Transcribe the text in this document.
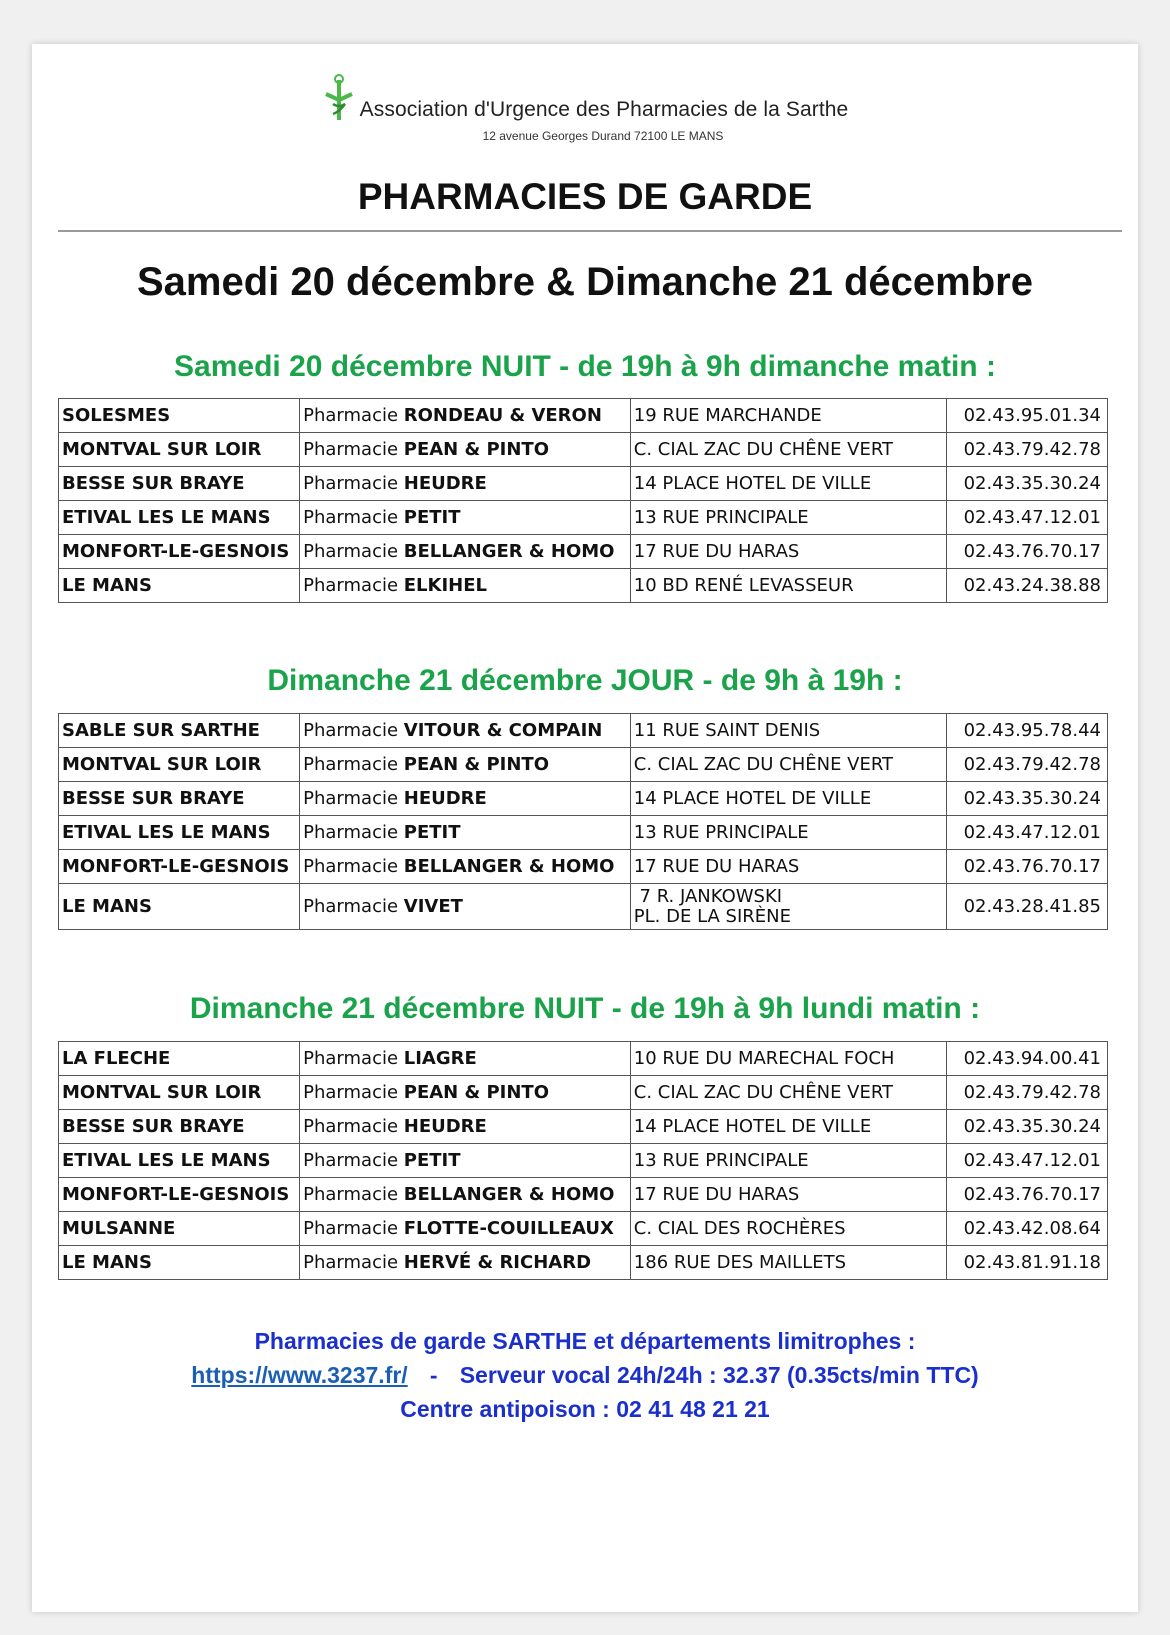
Association d'Urgence des Pharmacies de la Sarthe
12 avenue Georges Durand 72100 LE MANS
PHARMACIES DE GARDE
Samedi 20 décembre & Dimanche 21 décembre
Samedi 20 décembre NUIT - de 19h à 9h dimanche matin :
SOLESMES	Pharmacie RONDEAU & VERON	19 RUE MARCHANDE	02.43.95.01.34
MONTVAL SUR LOIR	Pharmacie PEAN & PINTO	C. CIAL ZAC DU CHÊNE VERT	02.43.79.42.78
BESSE SUR BRAYE	Pharmacie HEUDRE	14 PLACE HOTEL DE VILLE	02.43.35.30.24
ETIVAL LES LE MANS	Pharmacie PETIT	13 RUE PRINCIPALE	02.43.47.12.01
MONFORT-LE-GESNOIS	Pharmacie BELLANGER & HOMO	17 RUE DU HARAS	02.43.76.70.17
LE MANS	Pharmacie ELKIHEL	10 BD RENÉ LEVASSEUR	02.43.24.38.88
Dimanche 21 décembre JOUR - de 9h à 19h :
SABLE SUR SARTHE	Pharmacie VITOUR & COMPAIN	11 RUE SAINT DENIS	02.43.95.78.44
MONTVAL SUR LOIR	Pharmacie PEAN & PINTO	C. CIAL ZAC DU CHÊNE VERT	02.43.79.42.78
BESSE SUR BRAYE	Pharmacie HEUDRE	14 PLACE HOTEL DE VILLE	02.43.35.30.24
ETIVAL LES LE MANS	Pharmacie PETIT	13 RUE PRINCIPALE	02.43.47.12.01
MONFORT-LE-GESNOIS	Pharmacie BELLANGER & HOMO	17 RUE DU HARAS	02.43.76.70.17
LE MANS	Pharmacie VIVET	7 R. JANKOWSKI
PL. DE LA SIRÈNE	02.43.28.41.85
Dimanche 21 décembre NUIT - de 19h à 9h lundi matin :
LA FLECHE	Pharmacie LIAGRE	10 RUE DU MARECHAL FOCH	02.43.94.00.41
MONTVAL SUR LOIR	Pharmacie PEAN & PINTO	C. CIAL ZAC DU CHÊNE VERT	02.43.79.42.78
BESSE SUR BRAYE	Pharmacie HEUDRE	14 PLACE HOTEL DE VILLE	02.43.35.30.24
ETIVAL LES LE MANS	Pharmacie PETIT	13 RUE PRINCIPALE	02.43.47.12.01
MONFORT-LE-GESNOIS	Pharmacie BELLANGER & HOMO	17 RUE DU HARAS	02.43.76.70.17
MULSANNE	Pharmacie FLOTTE-COUILLEAUX	C. CIAL DES ROCHÈRES	02.43.42.08.64
LE MANS	Pharmacie HERVÉ & RICHARD	186 RUE DES MAILLETS	02.43.81.91.18
Pharmacies de garde SARTHE et départements limitrophes :
https://www.3237.fr/ - Serveur vocal 24h/24h : 32.37 (0.35cts/min TTC)
Centre antipoison : 02 41 48 21 21
